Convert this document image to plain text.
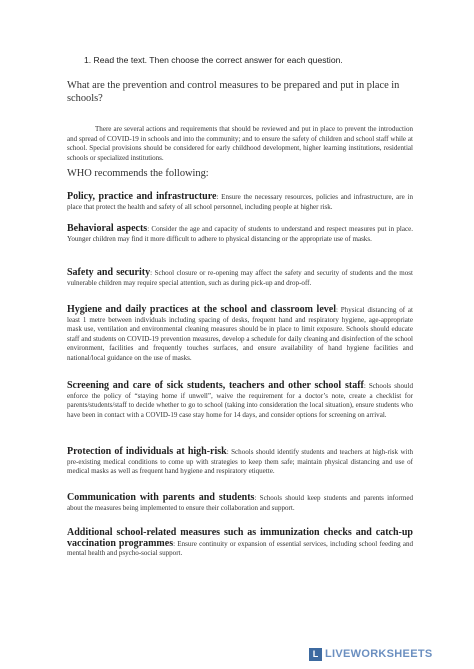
1. Read the text. Then choose the correct answer for each question.
What are the prevention and control measures to be prepared and put in place in schools?
There are several actions and requirements that should be reviewed and put in place to prevent the introduction and spread of COVID-19 in schools and into the community; and to ensure the safety of children and school staff while at school. Special provisions should be considered for early childhood development, higher learning institutions, residential schools or specialized institutions.
WHO recommends the following:
Policy, practice and infrastructure: Ensure the necessary resources, policies and infrastructure, are in place that protect the health and safety of all school personnel, including people at higher risk.
Behavioral aspects: Consider the age and capacity of students to understand and respect measures put in place. Younger children may find it more difficult to adhere to physical distancing or the appropriate use of masks.
Safety and security: School closure or re-opening may affect the safety and security of students and the most vulnerable children may require special attention, such as during pick-up and drop-off.
Hygiene and daily practices at the school and classroom level: Physical distancing of at least 1 metre between individuals including spacing of desks, frequent hand and respiratory hygiene, age-appropriate mask use, ventilation and environmental cleaning measures should be in place to limit exposure. Schools should educate staff and students on COVID-19 prevention measures, develop a schedule for daily cleaning and disinfection of the school environment, facilities and frequently touches surfaces, and ensure availability of hand hygiene facilities and national/local guidance on the use of masks.
Screening and care of sick students, teachers and other school staff: Schools should enforce the policy of “staying home if unwell”, waive the requirement for a doctor’s note, create a checklist for parents/students/staff to decide whether to go to school (taking into consideration the local situation), ensure students who have been in contact with a COVID-19 case stay home for 14 days, and consider options for screening on arrival.
Protection of individuals at high-risk: Schools should identify students and teachers at high-risk with pre-existing medical conditions to come up with strategies to keep them safe; maintain physical distancing and use of medical masks as well as frequent hand hygiene and respiratory etiquette.
Communication with parents and students: Schools should keep students and parents informed about the measures being implemented to ensure their collaboration and support.
Additional school-related measures such as immunization checks and catch-up vaccination programmes: Ensure continuity or expansion of essential services, including school feeding and mental health and psycho-social support.
L LIVEWORKSHEETS
